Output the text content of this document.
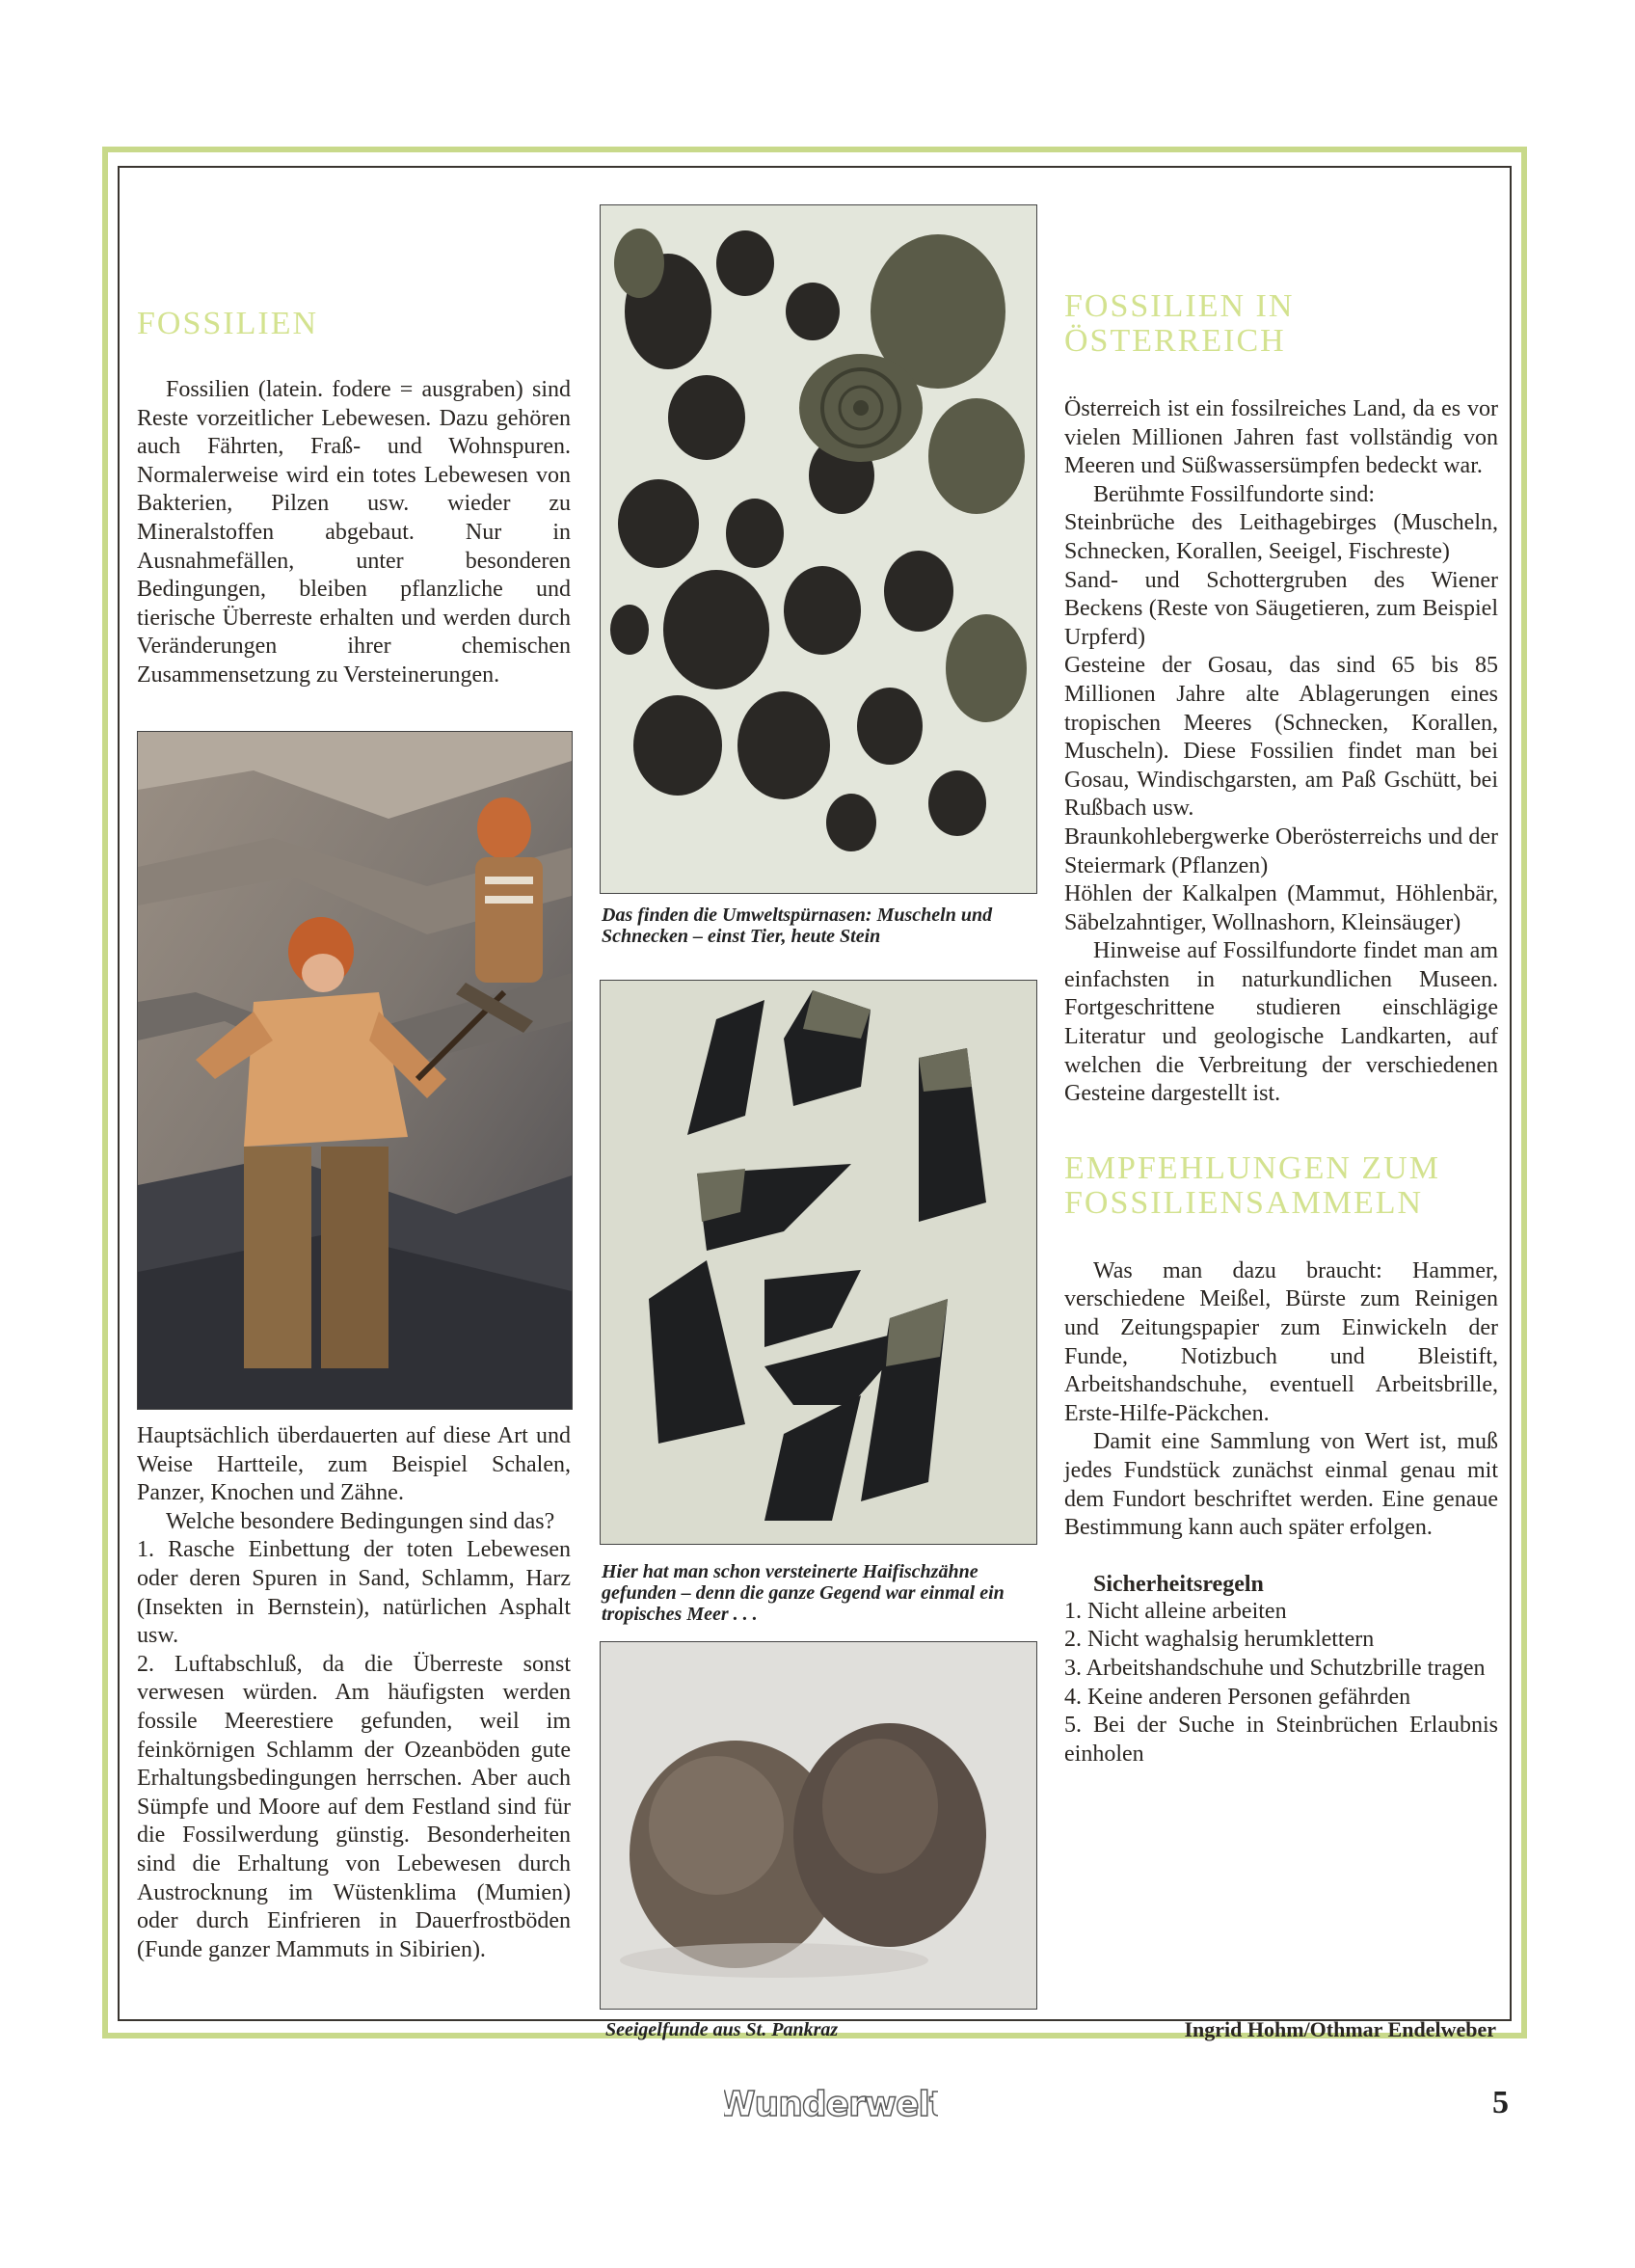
FOSSILIEN

Fossilien (latein. fodere = ausgraben) sind Reste vorzeitlicher Lebewesen. Dazu gehören auch Fährten, Fraß- und Wohnspuren. Normalerweise wird ein totes Lebewesen von Bakterien, Pilzen usw. wieder zu Mineralstoffen abgebaut. Nur in Ausnahmefällen, unter besonderen Bedingungen, bleiben pflanzliche und tierische Überreste erhalten und werden durch Veränderungen ihrer chemischen Zusammensetzung zu Versteinerungen.

Hauptsächlich überdauerten auf diese Art und Weise Hartteile, zum Beispiel Schalen, Panzer, Knochen und Zähne.

Welche besondere Bedingungen sind das?

1. Rasche Einbettung der toten Lebewesen oder deren Spuren in Sand, Schlamm, Harz (Insekten in Bernstein), natürlichen Asphalt usw.

2. Luftabschluß, da die Überreste sonst verwesen würden. Am häufigsten werden fossile Meerestiere gefunden, weil im feinkörnigen Schlamm der Ozeanböden gute Erhaltungsbedingungen herrschen. Aber auch Sümpfe und Moore auf dem Festland sind für die Fossilwerdung günstig. Besonderheiten sind die Erhaltung von Lebewesen durch Austrocknung im Wüstenklima (Mumien) oder durch Einfrieren in Dauerfrostböden (Funde ganzer Mammuts in Sibirien).

Das finden die Umweltspürnasen: Muscheln und Schnecken – einst Tier, heute Stein
Hier hat man schon versteinerte Haifischzähne gefunden – denn die ganze Gegend war einmal ein tropisches Meer . . .
Seeigelfunde aus St. Pankraz
FOSSILIEN IN ÖSTERREICH

Österreich ist ein fossilreiches Land, da es vor vielen Millionen Jahren fast vollständig von Meeren und Süßwassersümpfen bedeckt war.

Berühmte Fossilfundorte sind:

Steinbrüche des Leithagebirges (Muscheln, Schnecken, Korallen, Seeigel, Fischreste)

Sand- und Schottergruben des Wiener Beckens (Reste von Säugetieren, zum Beispiel Urpferd)

Gesteine der Gosau, das sind 65 bis 85 Millionen Jahre alte Ablagerungen eines tropischen Meeres (Schnecken, Korallen, Muscheln). Diese Fossilien findet man bei Gosau, Windischgarsten, am Paß Gschütt, bei Rußbach usw.

Braunkohlebergwerke Oberösterreichs und der Steiermark (Pflanzen)

Höhlen der Kalkalpen (Mammut, Höhlenbär, Säbelzahntiger, Wollnashorn, Kleinsäuger)

Hinweise auf Fossilfundorte findet man am einfachsten in naturkundlichen Museen. Fortgeschrittene studieren einschlägige Literatur und geologische Landkarten, auf welchen die Verbreitung der verschiedenen Gesteine dargestellt ist.

EMPFEHLUNGEN ZUM FOSSILIENSAMMELN

Was man dazu braucht: Hammer, verschiedene Meißel, Bürste zum Reinigen und Zeitungspapier zum Einwickeln der Funde, Notizbuch und Bleistift, Arbeitshandschuhe, eventuell Arbeitsbrille, Erste-Hilfe-Päckchen.

Damit eine Sammlung von Wert ist, muß jedes Fundstück zunächst einmal genau mit dem Fundort beschriftet werden. Eine genaue Bestimmung kann auch später erfolgen.

Sicherheitsregeln

1. Nicht alleine arbeiten

2. Nicht waghalsig herumklettern

3. Arbeitshandschuhe und Schutzbrille tragen

4. Keine anderen Personen gefährden

5. Bei der Suche in Steinbrüchen Erlaubnis einholen

Ingrid Hohm/Othmar Endelweber
Wunderwelt	5
